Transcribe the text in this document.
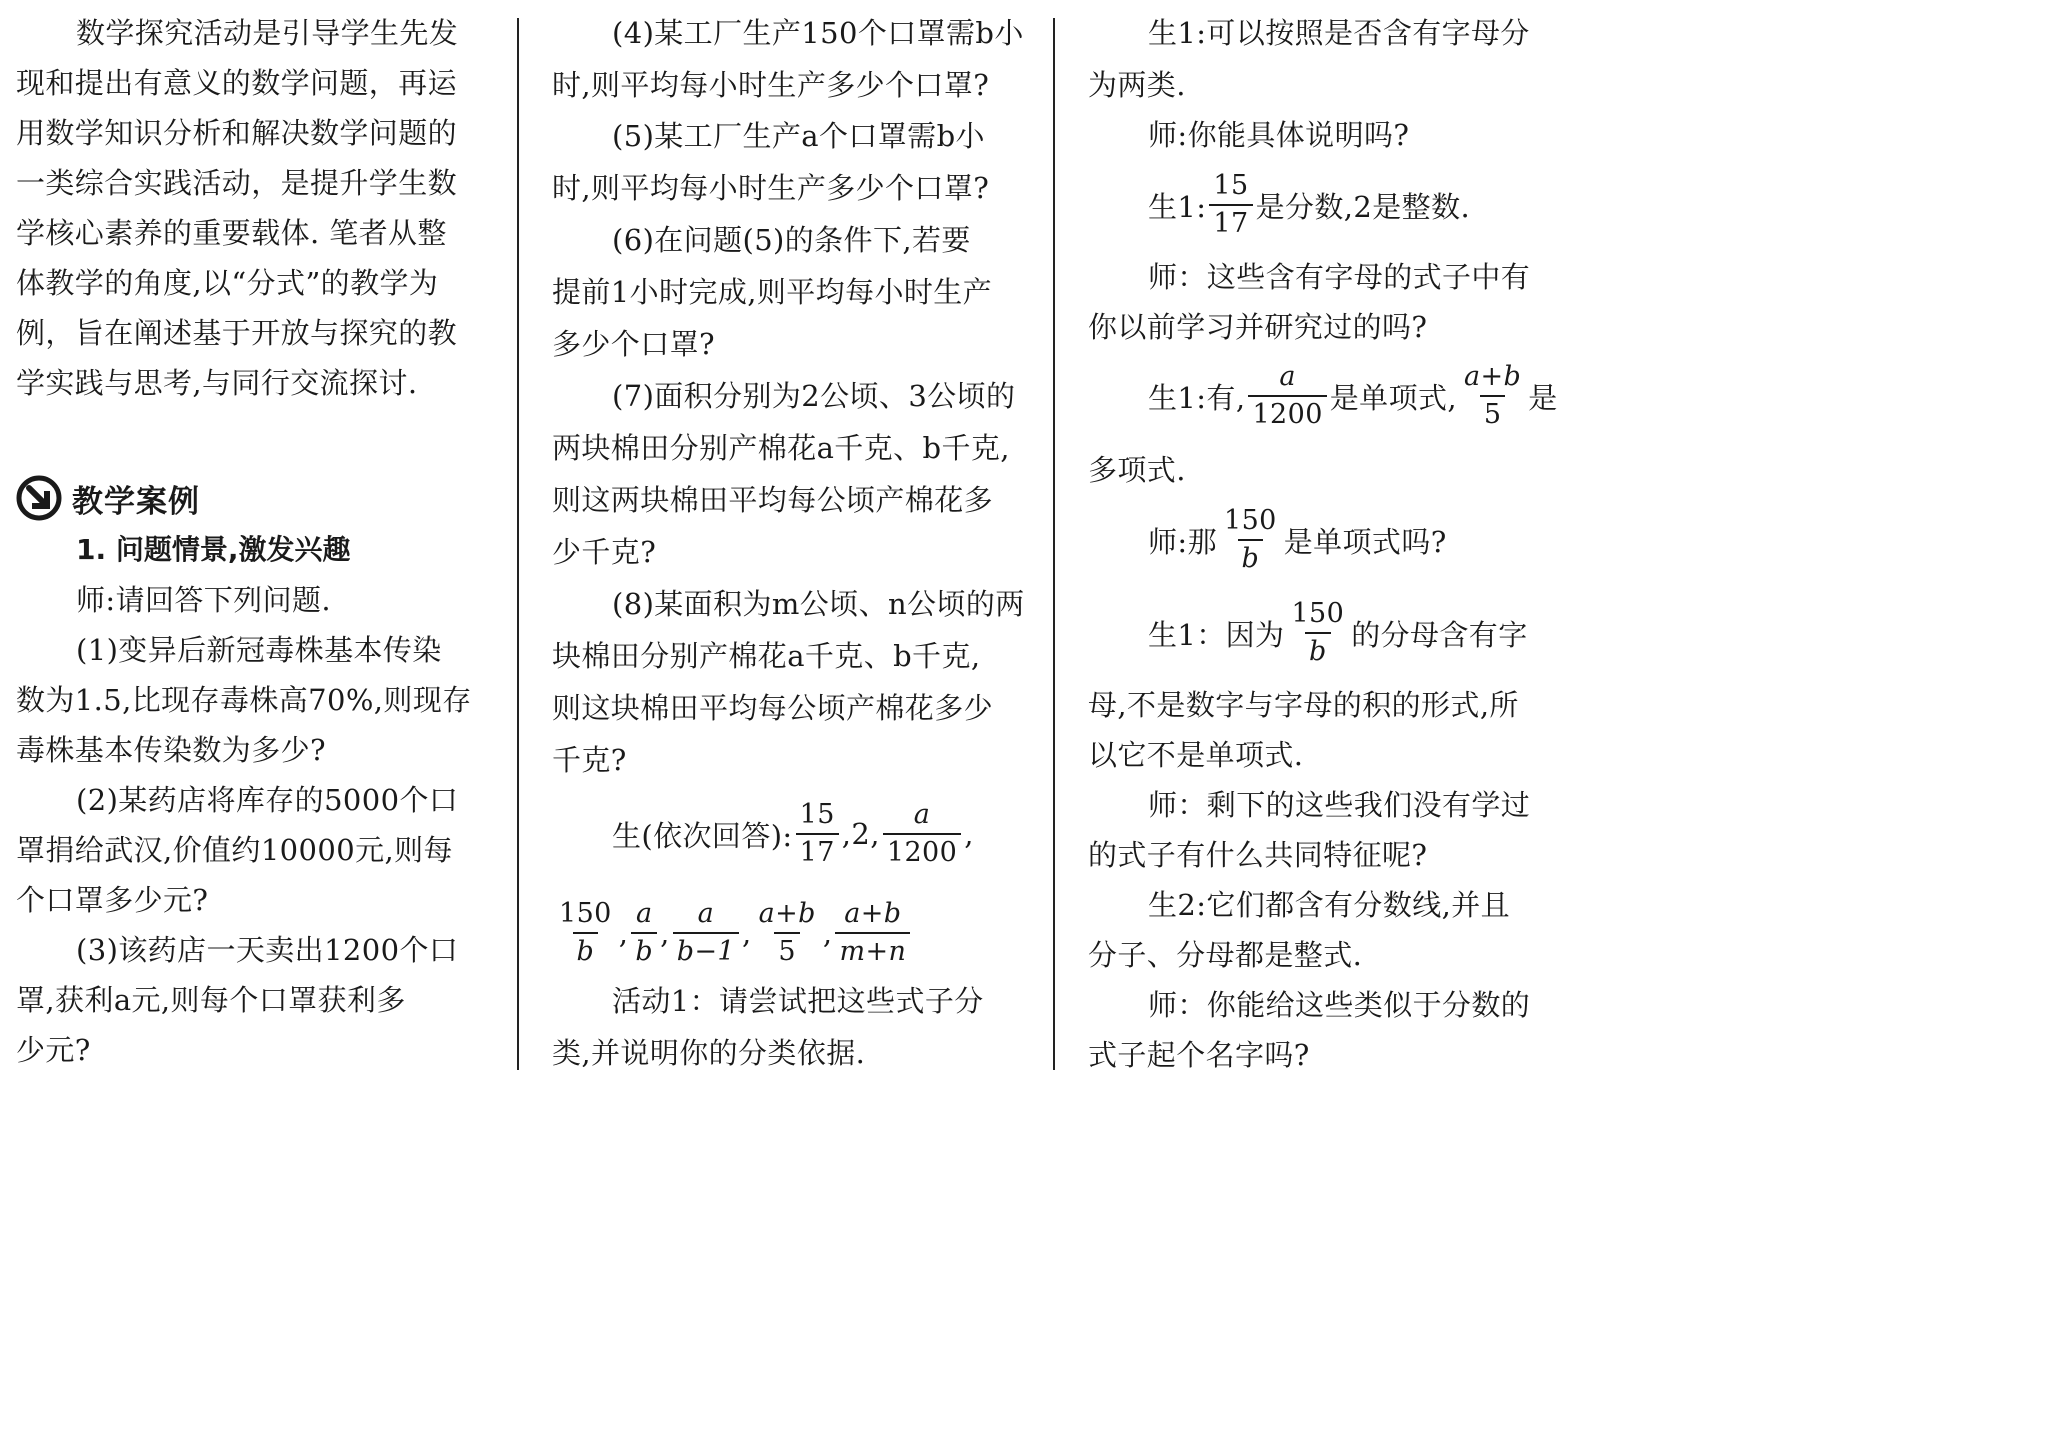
数学探究活动是引导学生先发

现和提出有意义的数学问题，再运

用数学知识分析和解决数学问题的

一类综合实践活动，是提升学生数

学核心素养的重要载体. 笔者从整

体教学的角度,以“分式”的教学为

例，旨在阐述基于开放与探究的教

学实践与思考,与同行交流探讨.

教学案例

1. 问题情景,激发兴趣

师:请回答下列问题.

(1)变异后新冠毒株基本传染

数为1.5,比现存毒株高70%,则现存

毒株基本传染数为多少?

(2)某药店将库存的5000个口

罩捐给武汉,价值约10000元,则每

个口罩多少元?

(3)该药店一天卖出1200个口

罩,获利a元,则每个口罩获利多

少元?

(4)某工厂生产150个口罩需b小

时,则平均每小时生产多少个口罩?

(5)某工厂生产a个口罩需b小

时,则平均每小时生产多少个口罩?

(6)在问题(5)的条件下,若要

提前1小时完成,则平均每小时生产

多少个口罩?

(7)面积分别为2公顷、3公顷的

两块棉田分别产棉花a千克、b千克,

则这两块棉田平均每公顷产棉花多

少千克?

(8)某面积为m公顷、n公顷的两

块棉田分别产棉花a千克、b千克,

则这块棉田平均每公顷产棉花多少

千克?

生(依次回答): $\frac{15}{17} ,2$, $\frac{a}{1200}$ ,
$\frac{150}{b}$ , $\frac{a}{b}$ , $\frac{a}{b-1}$ , $\frac{a+b}{5}$ , $\frac{a+b}{m+n}$

活动1：请尝试把这些式子分

类,并说明你的分类依据.

生1:可以按照是否含有字母分

为两类.

师:你能具体说明吗?

生1: $\frac{15}{17}$ 是分数,2是整数.

师：这些含有字母的式子中有

你以前学习并研究过的吗?

生1:有, $\frac{a}{1200}$ 是单项式, $\frac{a+b}{5}$ 是

多项式.

师:那 $\frac{150}{b}$ 是单项式吗?
生1：因为 $\frac{150}{b}$ 的分母含有字

母,不是数字与字母的积的形式,所

以它不是单项式.

师：剩下的这些我们没有学过

的式子有什么共同特征呢?

生2:它们都含有分数线,并且

分子、分母都是整式.

师：你能给这些类似于分数的

式子起个名字吗?
